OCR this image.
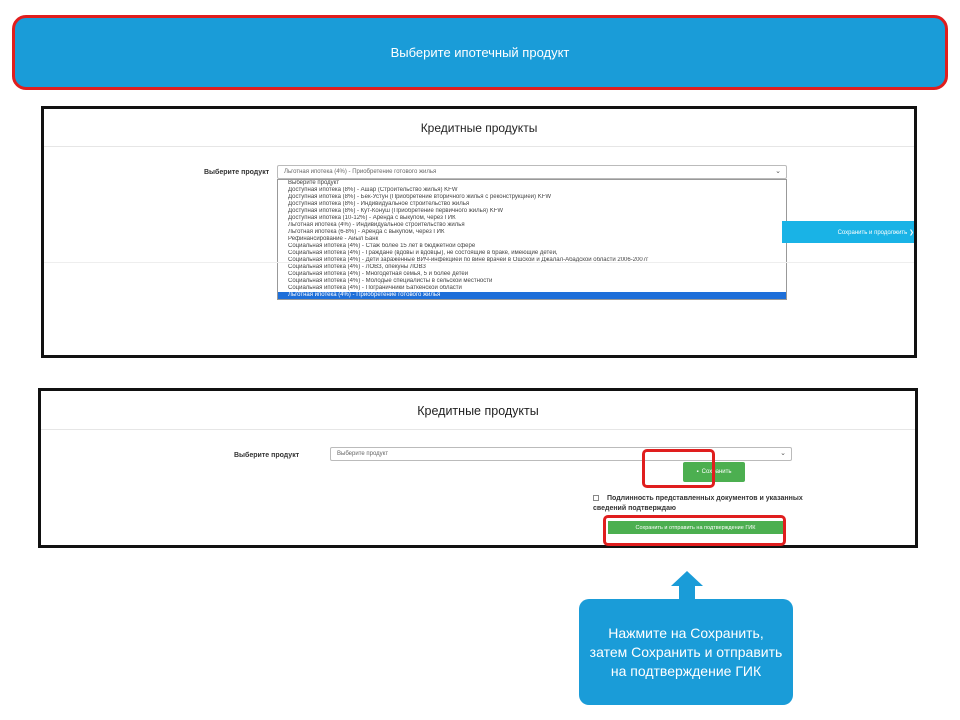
Выберите ипотечный продукт
Кредитные продукты
Выберите продукт Льготная ипотека (4%) - Приобретение готового жилья	⌄
Выберите продукт
Доступная ипотека (8%) - Ашар (Строительство жилья) KFW
Доступная ипотека (8%) - Бек-Устун (Приобретение вторичного жилья с реконструкцией) KFW
Доступная ипотека (8%) - Индивидуальное строительство жилья
Доступная ипотека (8%) - Кут-Конуш (Приобретение первичного жилья) KFW
Доступная ипотека (10-12%) - Аренда с выкупом, через ГИК
Льготная ипотека (4%) - Индивидуальное строительство жилья
Льготная ипотека (6-8%) - Аренда с выкупом, через ГИК
Рефинансирование - Айыл Банк
Социальная ипотека (4%) - Стаж более 15 лет в бюджетной сфере
Социальная ипотека (4%) - Граждане (вдовы и вдовцы), не состоящие в браке, имеющие детей,
Социальная ипотека (4%) - Дети зараженные ВИЧ-инфекцией по вине врачей в Ошской и Джалал-Абадской области 2006-2007г
Социальная ипотека (4%) - ЛОВЗ, опекуны ЛОВЗ
Социальная ипотека (4%) - Многодетная семья, 5 и более детей
Социальная ипотека (4%) - Молодые специалисты в сельской местности
Социальная ипотека (4%) - Пограничники Баткенской области
Льготная ипотека (4%) - Приобретение готового жилья
Сохранить и продолжить ❯
Кредитные продукты
Выберите продукт	Выберите продукт	⌄
▪ Сохранить
Подлинность представленных документов и указанных сведений подтверждаю
Сохранить и отправить на подтверждение ГИК
Нажмите на Сохранить, затем Сохранить и отправить на подтверждение ГИК
